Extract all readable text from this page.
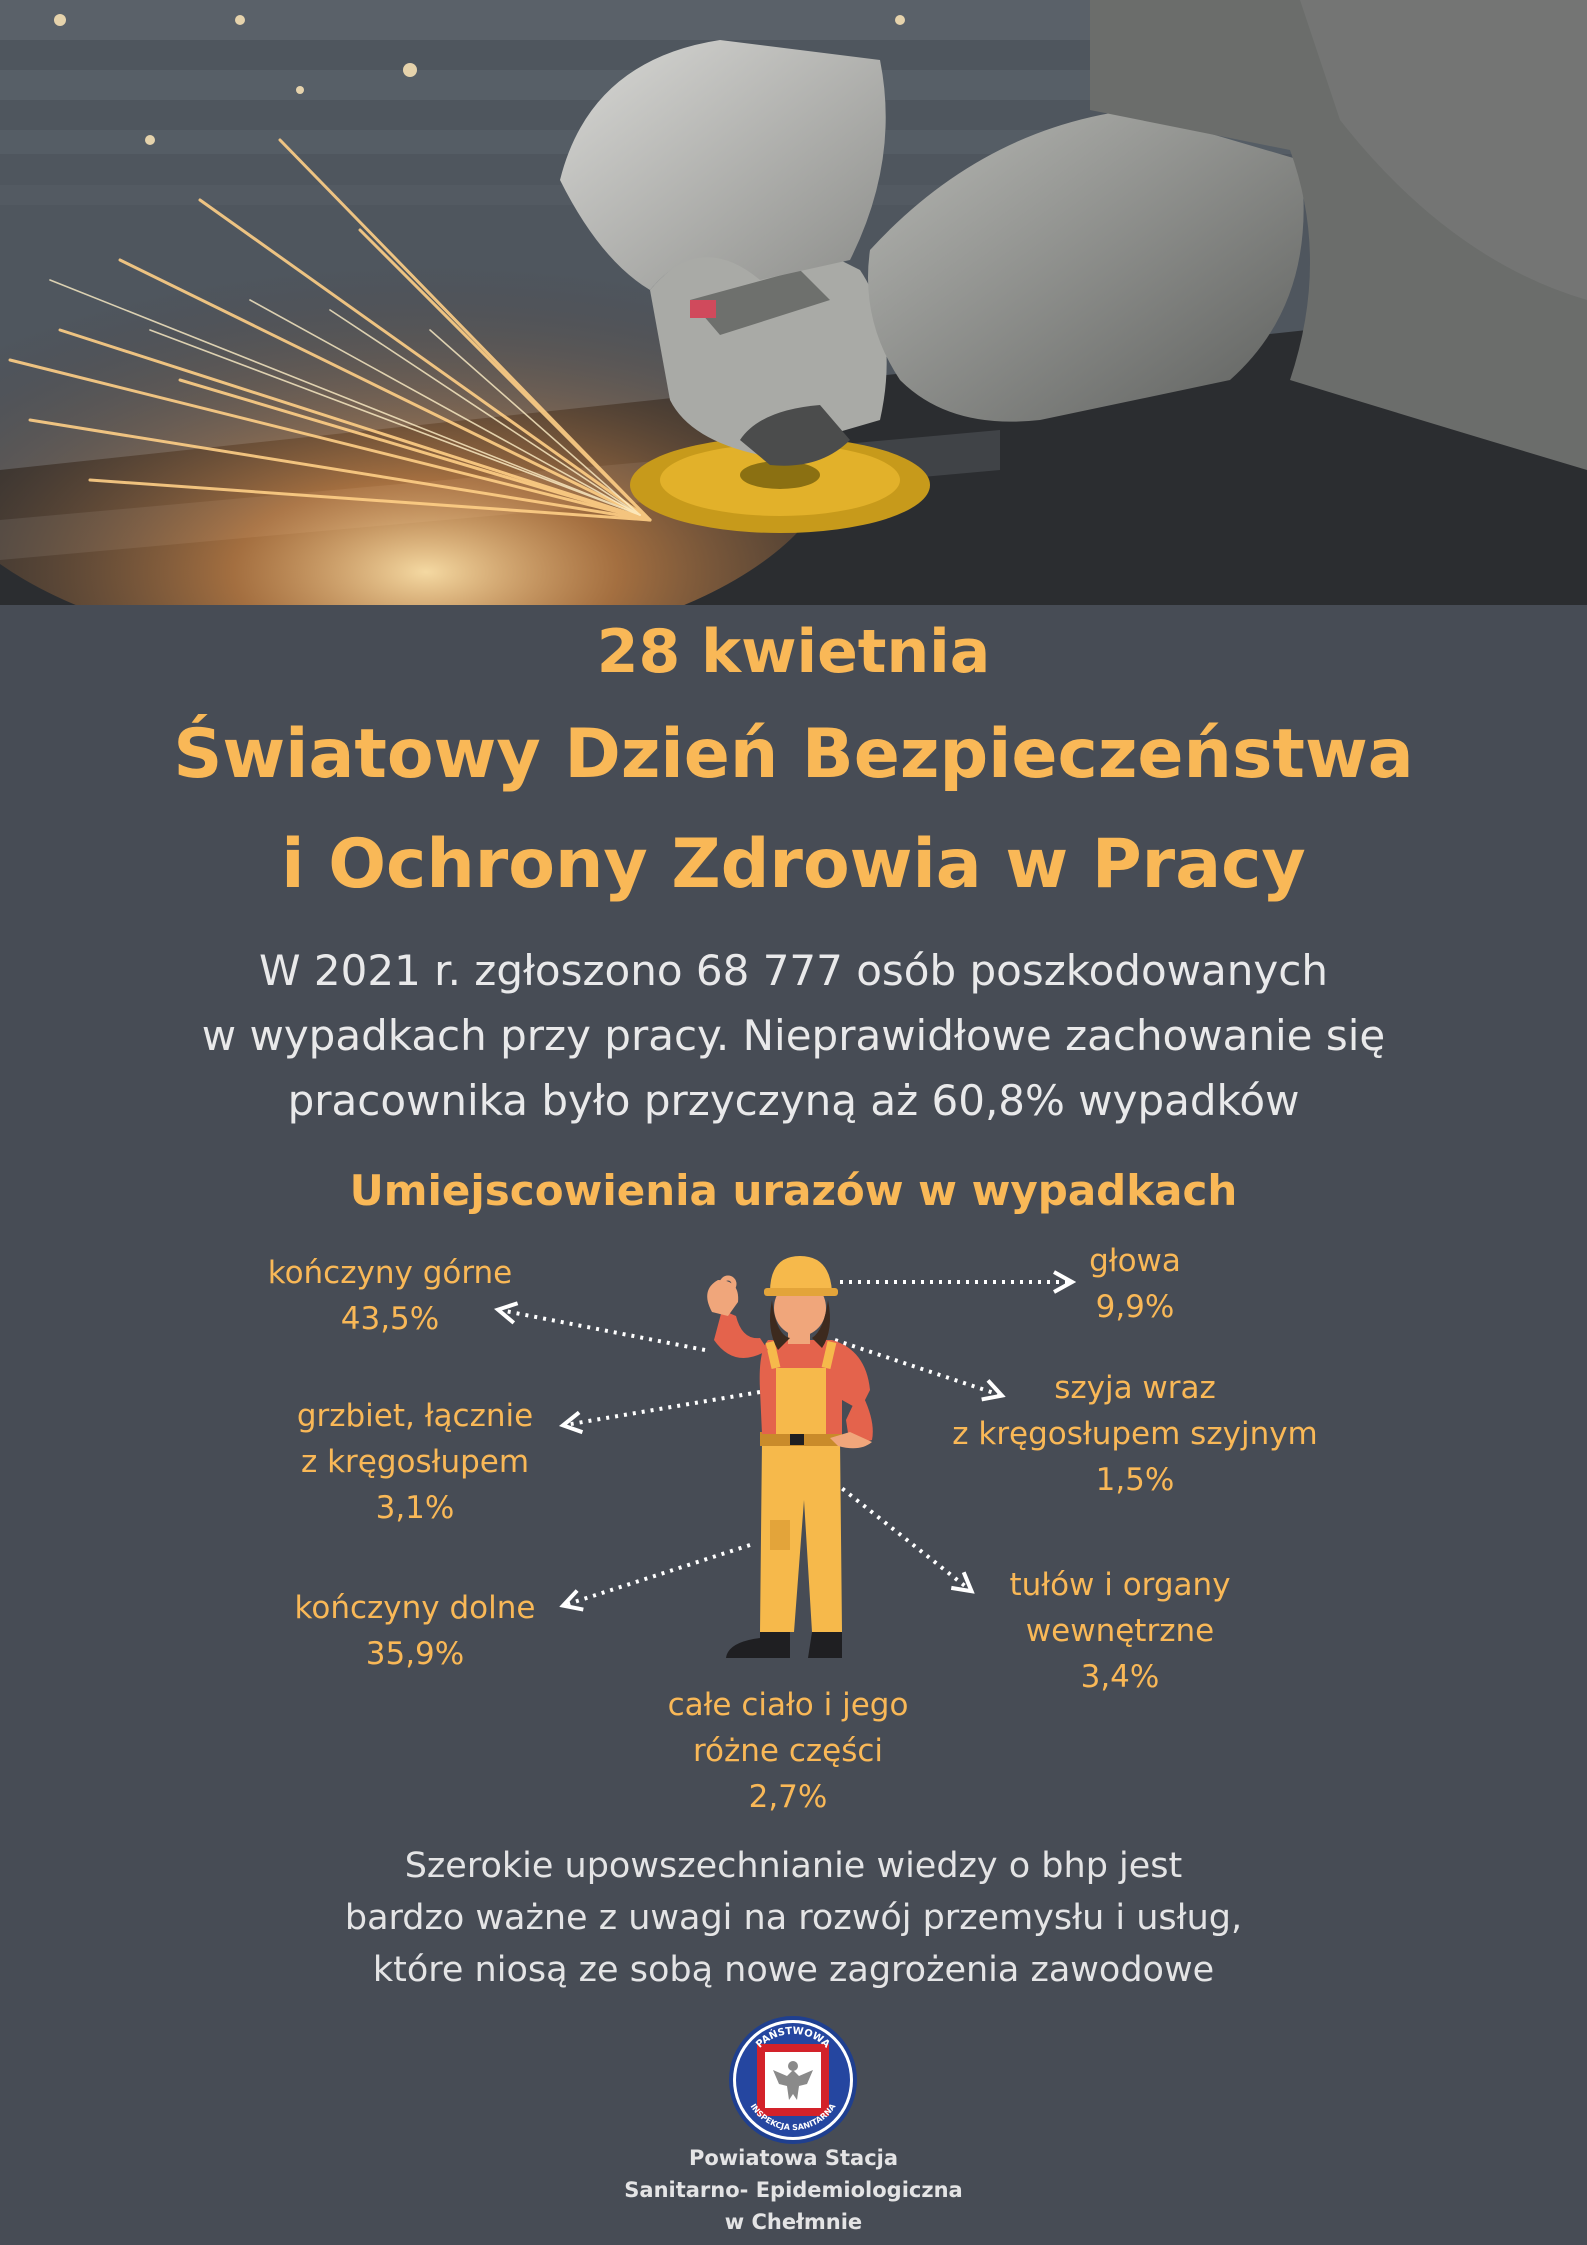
28 kwietnia
Światowy Dzień Bezpieczeństwa
i Ochrony Zdrowia w Pracy
W 2021 r. zgłoszono 68 777 osób poszkodowanych
w wypadkach przy pracy. Nieprawidłowe zachowanie się
pracownika było przyczyną aż 60,8% wypadków
Umiejscowienia urazów w wypadkach
kończyny górne
43,5%
głowa
9,9%
grzbiet, łącznie
z kręgosłupem
3,1%
szyja wraz
z kręgosłupem szyjnym
1,5%
kończyny dolne
35,9%
tułów i organy
wewnętrzne
3,4%
całe ciało i jego
różne części
2,7%
Szerokie upowszechnianie wiedzy o bhp jest
bardzo ważne z uwagi na rozwój przemysłu i usług,
które niosą ze sobą nowe zagrożenia zawodowe
PAŃSTWOWA
INSPEKCJA SANITARNA
Powiatowa Stacja
Sanitarno- Epidemiologiczna
w Chełmnie
